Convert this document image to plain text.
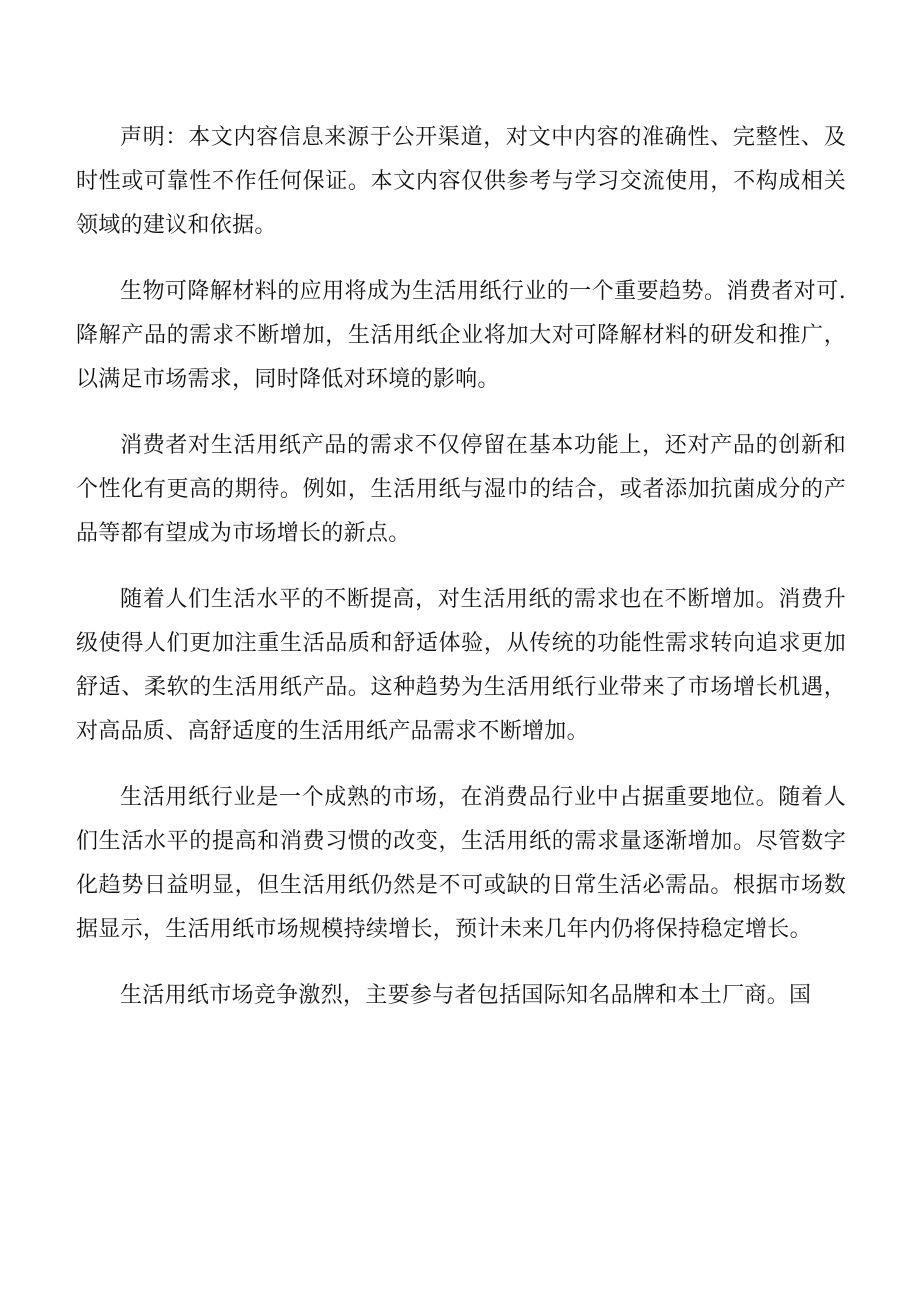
声明：本文内容信息来源于公开渠道，对文中内容的准确性、完整性、及时性或可靠性不作任何保证。本文内容仅供参考与学习交流使用，不构成相关领域的建议和依据。

生物可降解材料的应用将成为生活用纸行业的一个重要趋势。消费者对可.降解产品的需求不断增加，生活用纸企业将加大对可降解材料的研发和推广，以满足市场需求，同时降低对环境的影响。

消费者对生活用纸产品的需求不仅停留在基本功能上，还对产品的创新和个性化有更高的期待。例如，生活用纸与湿巾的结合，或者添加抗菌成分的产品等都有望成为市场增长的新点。

随着人们生活水平的不断提高，对生活用纸的需求也在不断增加。消费升级使得人们更加注重生活品质和舒适体验，从传统的功能性需求转向追求更加舒适、柔软的生活用纸产品。这种趋势为生活用纸行业带来了市场增长机遇，对高品质、高舒适度的生活用纸产品需求不断增加。

生活用纸行业是一个成熟的市场，在消费品行业中占据重要地位。随着人们生活水平的提高和消费习惯的改变，生活用纸的需求量逐渐增加。尽管数字化趋势日益明显，但生活用纸仍然是不可或缺的日常生活必需品。根据市场数据显示，生活用纸市场规模持续增长，预计未来几年内仍将保持稳定增长。

生活用纸市场竞争激烈，主要参与者包括国际知名品牌和本土厂商。国
